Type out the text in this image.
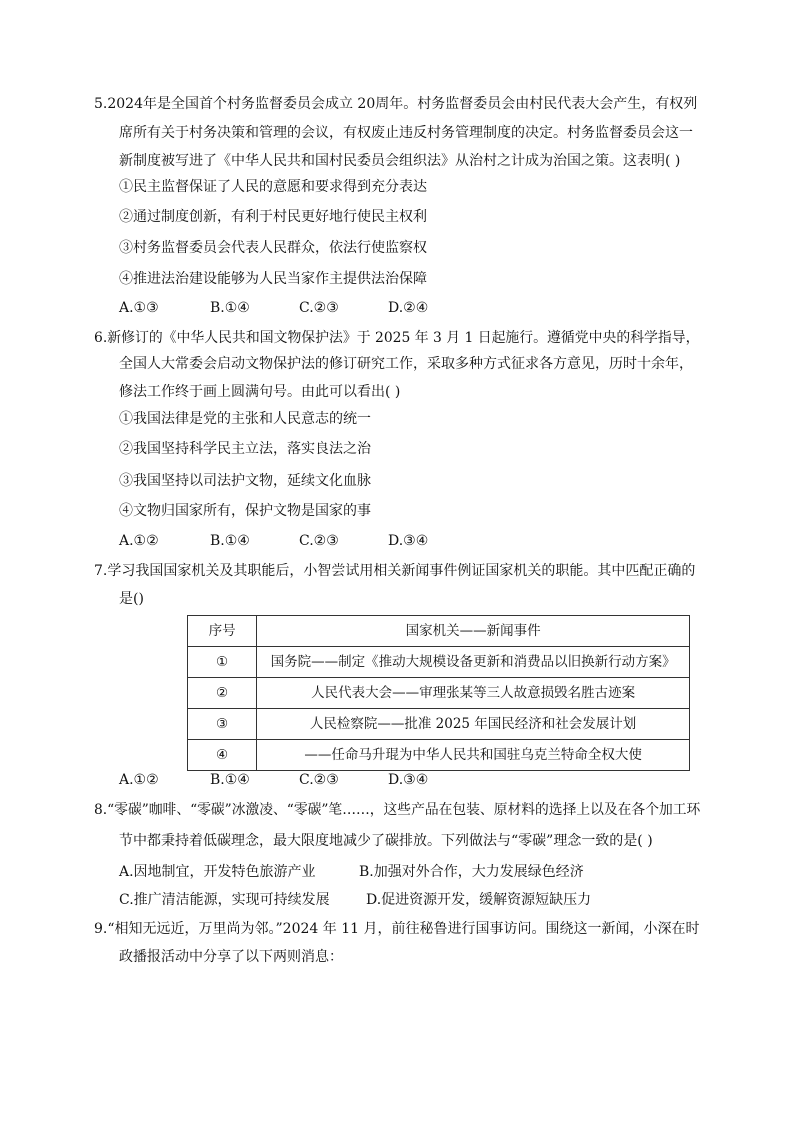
5.2024年是全国首个村务监督委员会成立 20周年。村务监督委员会由村民代表大会产生，有权列
席所有关于村务决策和管理的会议，有权废止违反村务管理制度的决定。村务监督委员会这一
新制度被写进了《中华人民共和国村民委员会组织法》从治村之计成为治国之策。这表明( )
①民主监督保证了人民的意愿和要求得到充分表达
②通过制度创新，有利于村民更好地行使民主权利
③村务监督委员会代表人民群众，依法行使监察权
④推进法治建设能够为人民当家作主提供法治保障
A.①③	B.①④	C.②③	D.②④
6.新修订的《中华人民共和国文物保护法》于 2025 年 3 月 1 日起施行。遵循党中央的科学指导，
全国人大常委会启动文物保护法的修订研究工作，采取多种方式征求各方意见，历时十余年，
修法工作终于画上圆满句号。由此可以看出( )
①我国法律是党的主张和人民意志的统一
②我国坚持科学民主立法，落实良法之治
③我国坚持以司法护文物，延续文化血脉
④文物归国家所有，保护文物是国家的事
A.①②	B.①④	C.②③	D.③④
7.学习我国国家机关及其职能后，小智尝试用相关新闻事件例证国家机关的职能。其中匹配正确的
是()
序号	国家机关——新闻事件
①	国务院——制定《推动大规模设备更新和消费品以旧换新行动方案》
②	人民代表大会——审理张某等三人故意损毁名胜古迹案
③	人民检察院——批准 2025 年国民经济和社会发展计划
④	——任命马升琨为中华人民共和国驻乌克兰特命全权大使
A.①②	B.①④	C.②③	D.③④
8.“零碳”咖啡、“零碳”冰激凌、“零碳”笔……，这些产品在包装、原材料的选择上以及在各个加工环
节中都秉持着低碳理念，最大限度地减少了碳排放。下列做法与“零碳”理念一致的是( )
A.因地制宜，开发特色旅游产业	B.加强对外合作，大力发展绿色经济
C.推广清洁能源，实现可持续发展	D.促进资源开发，缓解资源短缺压力
9.“相知无远近，万里尚为邻。”2024 年 11 月，前往秘鲁进行国事访问。围绕这一新闻，小深在时
政播报活动中分享了以下两则消息：
